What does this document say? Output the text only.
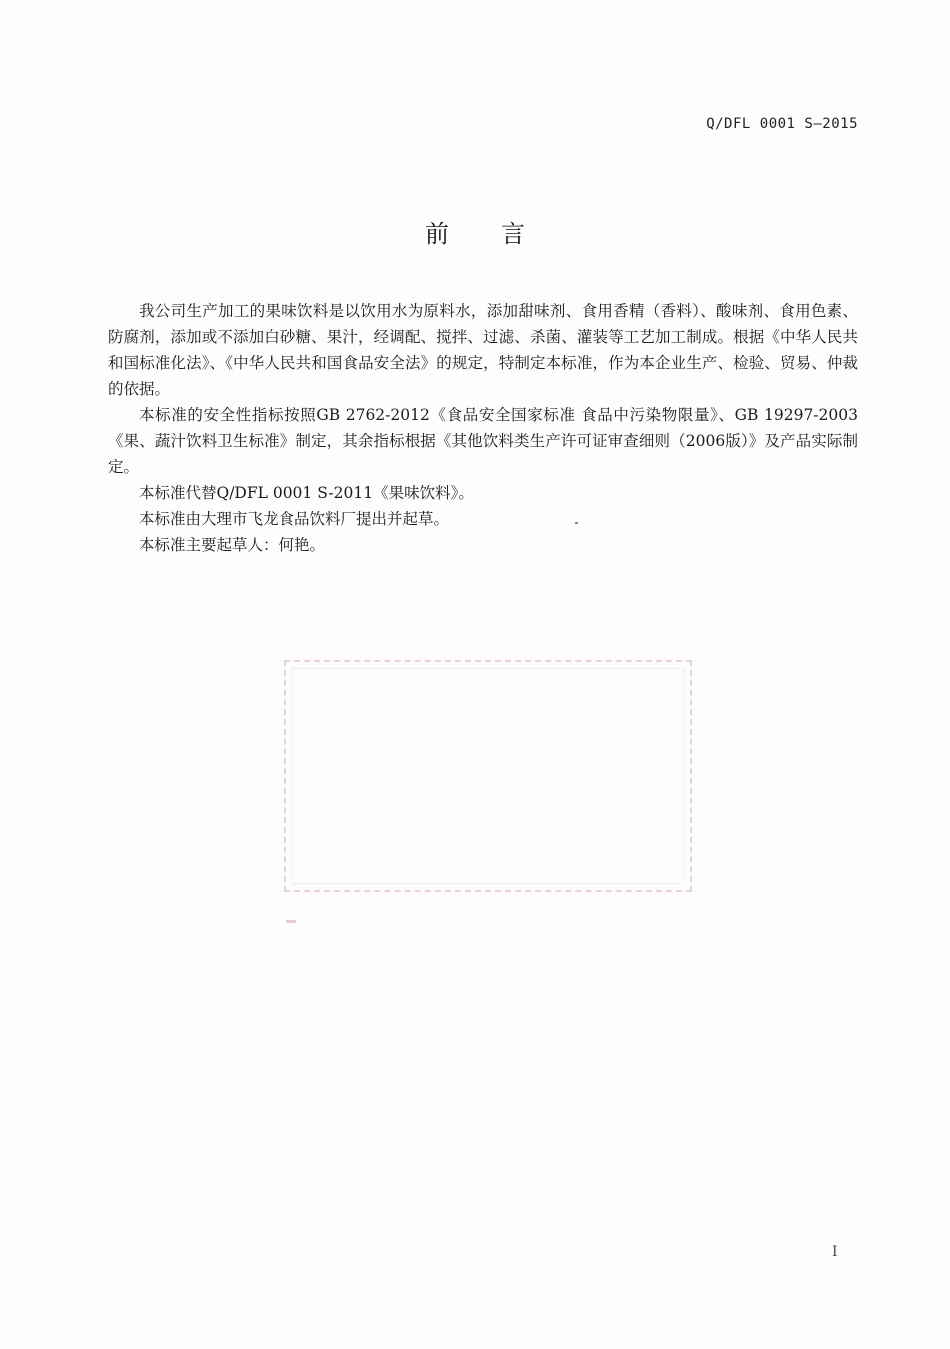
Q/DFL 0001 S—2015
前言

我公司生产加工的果味饮料是以饮用水为原料水，添加甜味剂、食用香精（香料）、酸味剂、食用色素、防腐剂，添加或不添加白砂糖、果汁，经调配、搅拌、过滤、杀菌、灌装等工艺加工制成。根据《中华人民共和国标准化法》、《中华人民共和国食品安全法》的规定，特制定本标准，作为本企业生产、检验、贸易、仲裁的依据。

本标准的安全性指标按照GB 2762-2012《食品安全国家标准 食品中污染物限量》、GB 19297-2003《果、蔬汁饮料卫生标准》制定，其余指标根据《其他饮料类生产许可证审查细则（2006版）》及产品实际制定。

本标准代替Q/DFL 0001 S-2011《果味饮料》。

本标准由大理市飞龙食品饮料厂提出并起草。

本标准主要起草人：何艳。

I
